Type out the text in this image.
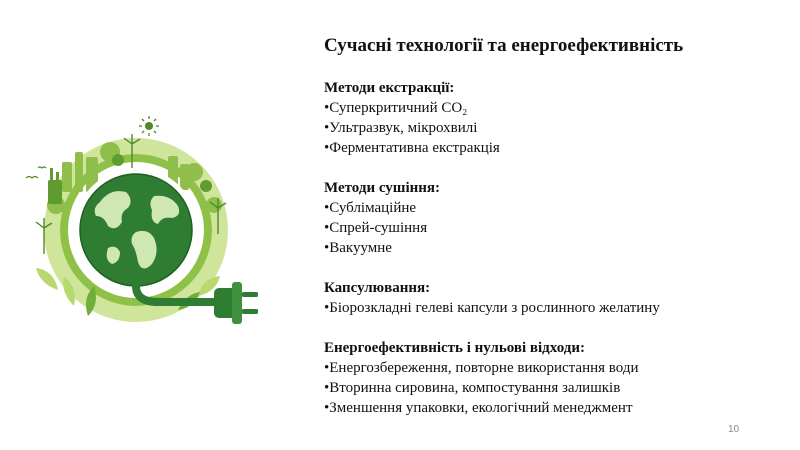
Сучасні технології та енергоефективність

Методи екстракції:

•Суперкритичний СО₂

•Ультразвук, мікрохвилі

•Ферментативна екстракція

Методи сушіння:

•Сублімаційне

•Спрей-сушіння

•Вакуумне

Капсулювання:

•Біорозкладні гелеві капсули з рослинного желатину

Енергоефективність і нульові відходи:

•Енергозбереження, повторне використання води

•Вторинна сировина, компостування залишків

•Зменшення упаковки, екологічний менеджмент

10
